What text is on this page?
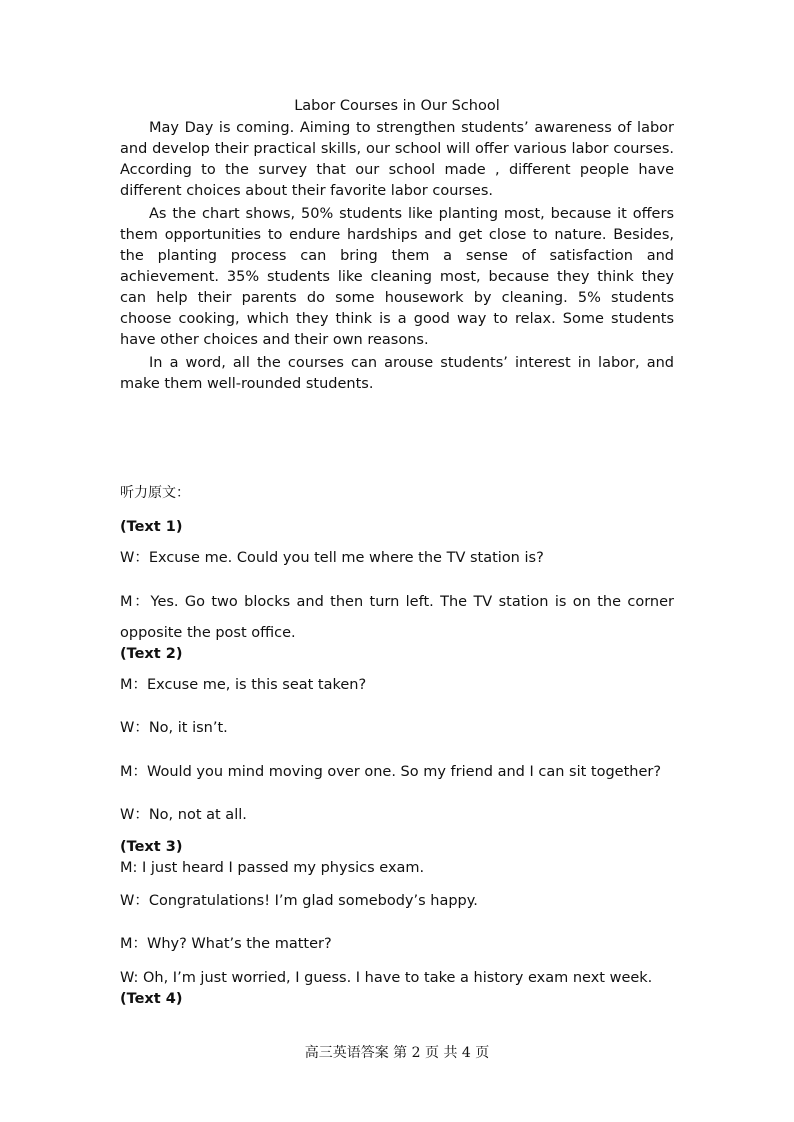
Labor Courses in Our School

May Day is coming. Aiming to strengthen students’ awareness of labor and develop their practical skills, our school will offer various labor courses. According to the survey that our school made , different people have different choices about their favorite labor courses.

As the chart shows, 50% students like planting most, because it offers them opportunities to endure hardships and get close to nature. Besides, the planting process can bring them a sense of satisfaction and achievement. 35% students like cleaning most, because they think they can help their parents do some housework by cleaning. 5% students choose cooking, which they think is a good way to relax. Some students have other choices and their own reasons.

In a word, all the courses can arouse students’ interest in labor, and make them well-rounded students.

听力原文：
(Text 1)
W：Excuse me. Could you tell me where the TV station is?
M：Yes. Go two blocks and then turn left. The TV station is on the corner
opposite the post office.
(Text 2)
M：Excuse me, is this seat taken?
W：No, it isn’t.
M：Would you mind moving over one. So my friend and I can sit together?
W：No, not at all.
(Text 3)
M: I just heard I passed my physics exam.
W：Congratulations! I’m glad somebody’s happy.
M：Why? What’s the matter?
W: Oh, I’m just worried, I guess. I have to take a history exam next week.
(Text 4)
高三英语答案 第 2 页 共 4 页
